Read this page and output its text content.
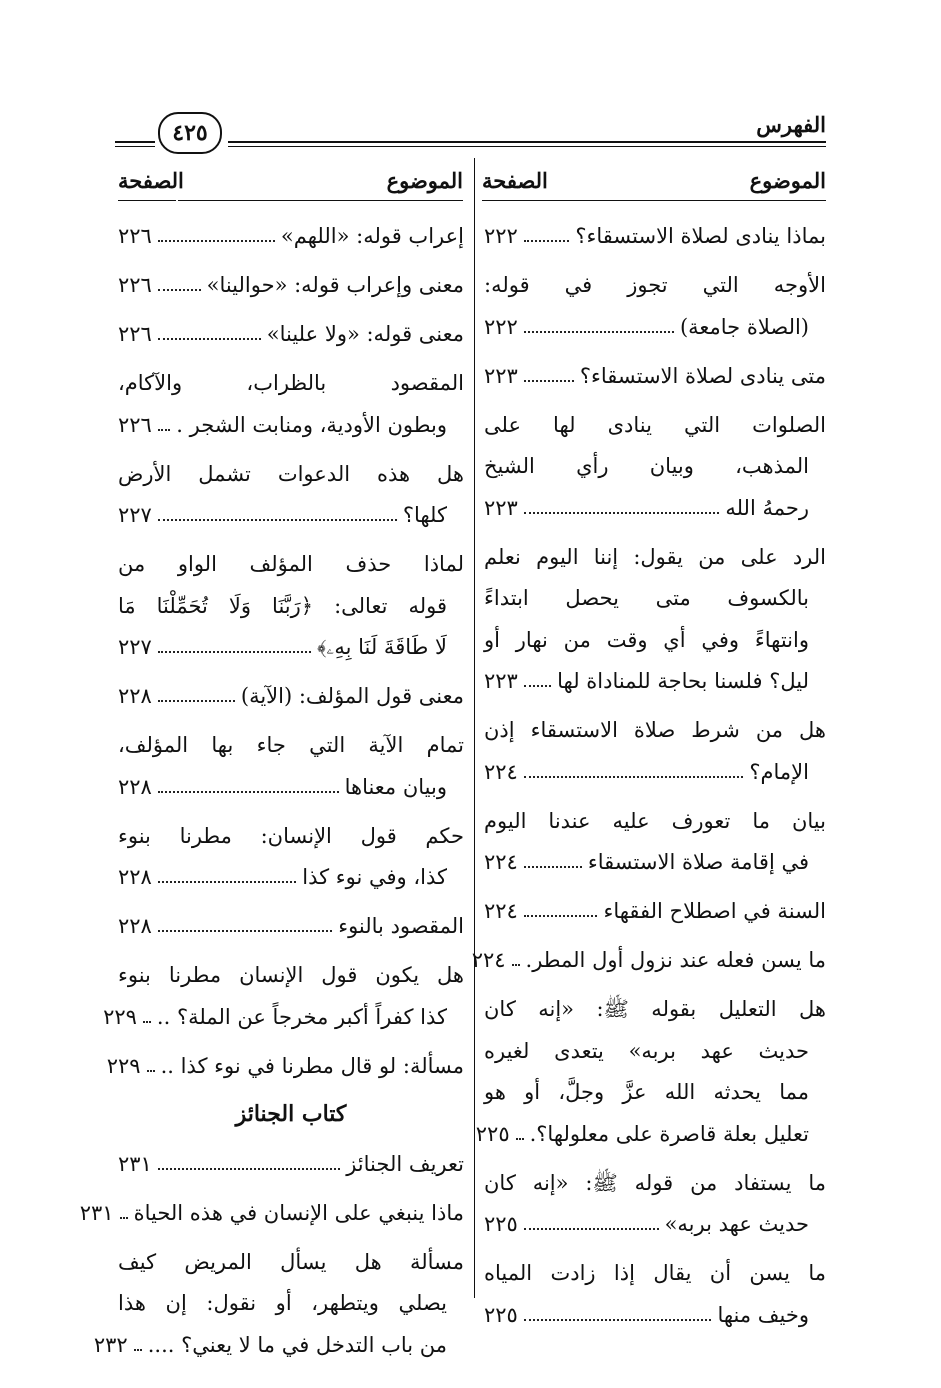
الفهرس
٤٢٥
الموضوع
الصفحة
الموضوع
الصفحة
بماذا ينادى لصلاة الاستسقاء؟
٢٢٢
الأوجه التي تجوز في قوله:
(الصلاة جامعة)
٢٢٢
متى ينادى لصلاة الاستسقاء؟
٢٢٣
الصلوات التي ينادى لها على
المذهب، وبيان رأي الشيخ
رحمهُ الله
٢٢٣
الرد على من يقول: إننا اليوم نعلم
بالكسوف متى يحصل ابتداءً
وانتهاءً وفي أي وقت من نهار أو
ليل؟ فلسنا بحاجة للمناداة لها
٢٢٣
هل من شرط صلاة الاستسقاء إذن
الإمام؟
٢٢٤
بيان ما تعورف عليه عندنا اليوم
في إقامة صلاة الاستسقاء
٢٢٤
السنة في اصطلاح الفقهاء
٢٢٤
ما يسن فعله عند نزول أول المطر.
٢٢٤
هل التعليل بقوله ﷺ: «إنه كان
حديث عهد بربه» يتعدى لغيره
مما يحدثه الله عزَّ وجلَّ، أو هو
تعليل بعلة قاصرة على معلولها؟.
٢٢٥
ما يستفاد من قوله ﷺ: «إنه كان
حديث عهد بربه»
٢٢٥
ما يسن أن يقال إذا زادت المياه
وخيف منها
٢٢٥
إعراب قوله: «اللهم»
٢٢٦
معنى وإعراب قوله: «حوالينا»
٢٢٦
معنى قوله: «ولا علينا»
٢٢٦
المقصود بالظراب، والآكام،
وبطون الأودية، ومنابت الشجر .
٢٢٦
هل هذه الدعوات تشمل الأرض
كلها؟
٢٢٧
لماذا حذف المؤلف الواو من
قوله تعالى: ﴿رَبَّنَا وَلَا تُحَمِّلْنَا مَا
لَا طَاقَةَ لَنَا بِهِۦ﴾
٢٢٧
معنى قول المؤلف: (الآية)
٢٢٨
تمام الآية التي جاء بها المؤلف،
وبيان معناها
٢٢٨
حكم قول الإنسان: مطرنا بنوء
كذا، وفي نوء كذا
٢٢٨
المقصود بالنوء
٢٢٨
هل يكون قول الإنسان مطرنا بنوء
كذا كفراً أكبر مخرجاً عن الملة؟ ..
٢٢٩
مسألة: لو قال مطرنا في نوء كذا ..
٢٢٩
كتاب الجنائز
تعريف الجنائز
٢٣١
ماذا ينبغي على الإنسان في هذه الحياة
٢٣١
مسألة هل يسأل المريض كيف
يصلي ويتطهر، أو نقول: إن هذا
من باب التدخل في ما لا يعني؟ ....
٢٣٢
